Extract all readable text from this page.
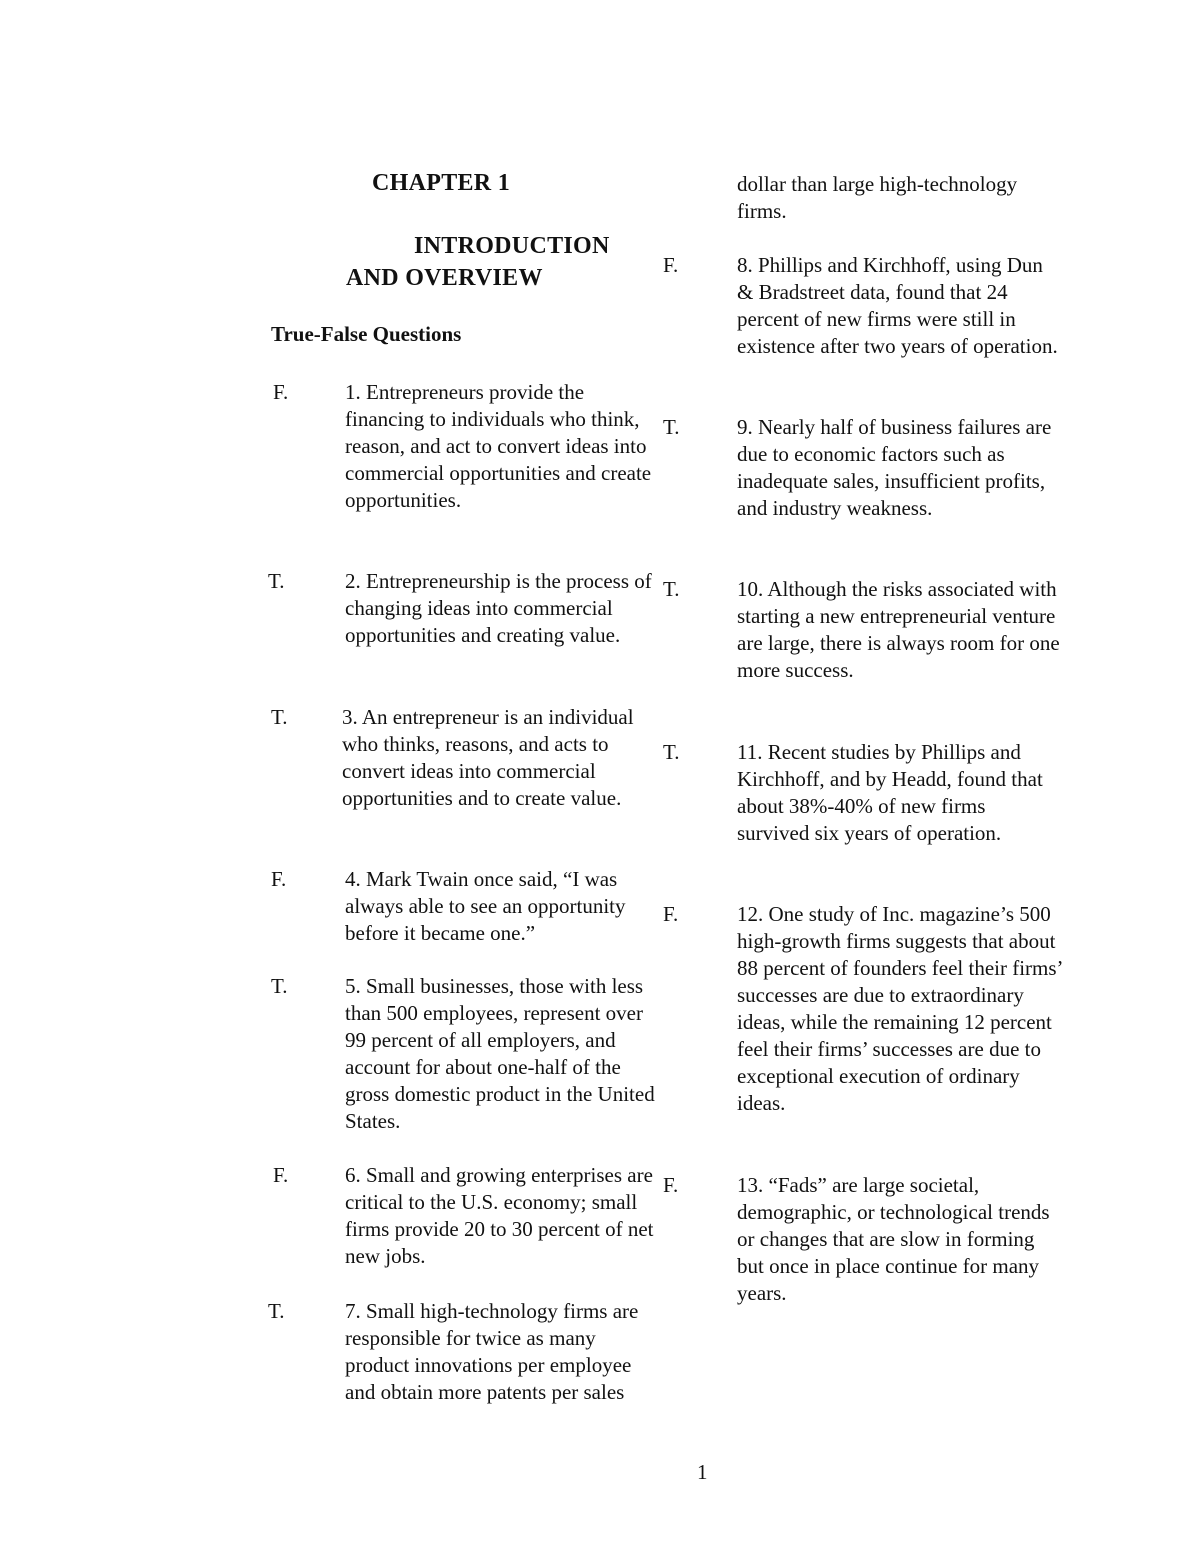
CHAPTER 1
INTRODUCTION
AND OVERVIEW
True-False Questions
F.	1. Entrepreneurs provide the financing to individuals who think, reason, and act to convert ideas into commercial opportunities and create opportunities.
T.	2. Entrepreneurship is the process of changing ideas into commercial opportunities and creating value.
T.	3. An entrepreneur is an individual who thinks, reasons, and acts to convert ideas into commercial opportunities and to create value.
F.	4. Mark Twain once said, “I was always able to see an opportunity before it became one.”
T.	5. Small businesses, those with less than 500 employees, represent over 99 percent of all employers, and account for about one-half of the gross domestic product in the United States.
F.	6. Small and growing enterprises are critical to the U.S. economy; small firms provide 20 to 30 percent of net new jobs.
T.	7. Small high-technology firms are responsible for twice as many product innovations per employee and obtain more patents per sales
dollar than large high-technology firms.
F.	8. Phillips and Kirchhoff, using Dun & Bradstreet data, found that 24 percent of new firms were still in existence after two years of operation.
T.	9. Nearly half of business failures are due to economic factors such as inadequate sales, insufficient profits, and industry weakness.
T.	10. Although the risks associated with starting a new entrepreneurial venture are large, there is always room for one more success.
T.	11. Recent studies by Phillips and Kirchhoff, and by Headd, found that about 38%-40% of new firms survived six years of operation.
F.	12. One study of Inc. magazine’s 500 high-growth firms suggests that about 88 percent of founders feel their firms’ successes are due to extraordinary ideas, while the remaining 12 percent feel their firms’ successes are due to exceptional execution of ordinary ideas.
F.	13. “Fads” are large societal, demographic, or technological trends or changes that are slow in forming but once in place continue for many years.
1
